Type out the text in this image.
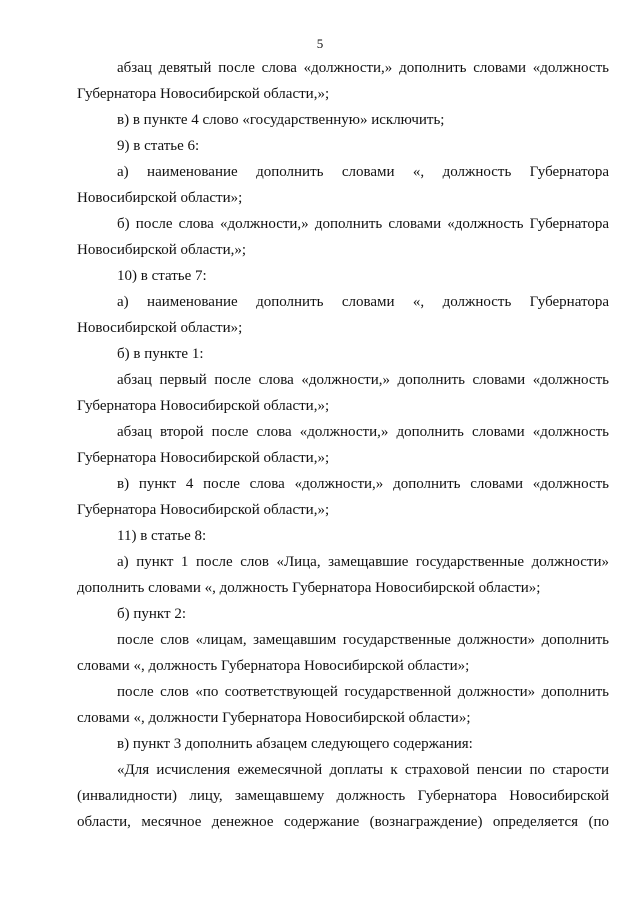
5
абзац девятый после слова «должности,» дополнить словами «должность
Губернатора Новосибирской области,»;
в) в пункте 4 слово «государственную» исключить;
9) в статье 6:
а) наименование дополнить словами «, должность Губернатора
Новосибирской области»;
б) после слова «должности,» дополнить словами «должность Губернатора
Новосибирской области,»;
10) в статье 7:
а) наименование дополнить словами «, должность Губернатора
Новосибирской области»;
б) в пункте 1:
абзац первый после слова «должности,» дополнить словами «должность
Губернатора Новосибирской области,»;
абзац второй после слова «должности,» дополнить словами «должность
Губернатора Новосибирской области,»;
в) пункт 4 после слова «должности,» дополнить словами «должность
Губернатора Новосибирской области,»;
11) в статье 8:
а) пункт 1 после слов «Лица, замещавшие государственные должности»
дополнить словами «, должность Губернатора Новосибирской области»;
б) пункт 2:
после слов «лицам, замещавшим государственные должности» дополнить
словами «, должность Губернатора Новосибирской области»;
после слов «по соответствующей государственной должности» дополнить
словами «, должности Губернатора Новосибирской области»;
в) пункт 3 дополнить абзацем следующего содержания:
«Для исчисления ежемесячной доплаты к страховой пенсии по старости
(инвалидности) лицу, замещавшему должность Губернатора Новосибирской
области, месячное денежное содержание (вознаграждение) определяется (по
